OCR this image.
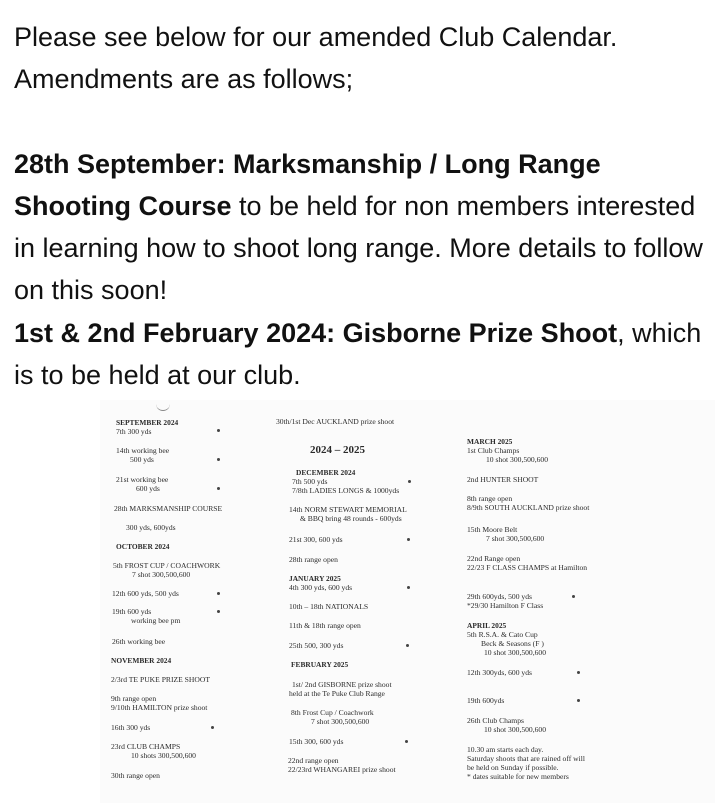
Please see below for our amended Club Calendar. Amendments are as follows;

28th September: Marksmanship / Long Range Shooting Course to be held for non members interested in learning how to shoot long range. More details to follow on this soon!

1st & 2nd February 2024: Gisborne Prize Shoot, which is to be held at our club.

SEPTEMBER 2024
7th 300 yds
14th working bee
500 yds
21st working bee
600 yds
28th MARKSMANSHIP COURSE
300 yds, 600yds
OCTOBER 2024
5th FROST CUP / COACHWORK
7 shot 300,500,600
12th 600 yds, 500 yds
19th 600 yds
working bee pm
26th working bee
NOVEMBER 2024
2/3rd TE PUKE PRIZE SHOOT
9th range open
9/10th HAMILTON prize shoot
16th 300 yds
23rd CLUB CHAMPS
10 shots 300,500,600
30th range open
30th/1st Dec AUCKLAND prize shoot
2024 – 2025
DECEMBER 2024
7th 500 yds
7/8th LADIES LONGS & 1000yds
14th NORM STEWART MEMORIAL
& BBQ bring 48 rounds - 600yds
21st 300, 600 yds
28th range open
JANUARY 2025
4th 300 yds, 600 yds
10th – 18th NATIONALS
11th & 18th range open
25th 500, 300 yds
FEBRUARY 2025
1st/ 2nd GISBORNE prize shoot
held at the Te Puke Club Range
8th Frost Cup / Coachwork
7 shot 300,500,600
15th 300, 600 yds
22nd range open
22/23rd WHANGAREI prize shoot
MARCH 2025
1st Club Champs
10 shot 300,500,600
2nd HUNTER SHOOT
8th range open
8/9th SOUTH AUCKLAND prize shoot
15th Moore Belt
7 shot 300,500,600
22nd Range open
22/23 F CLASS CHAMPS at Hamilton
29th 600yds, 500 yds
*29/30 Hamilton F Class
APRIL 2025
5th R.S.A. & Cato Cup
Beck & Seasons (F )
10 shot 300,500,600
12th 300yds, 600 yds
19th 600yds
26th Club Champs
10 shot 300,500,600
10.30 am starts each day.
Saturday shoots that are rained off will
be held on Sunday if possible.
* dates suitable for new members
